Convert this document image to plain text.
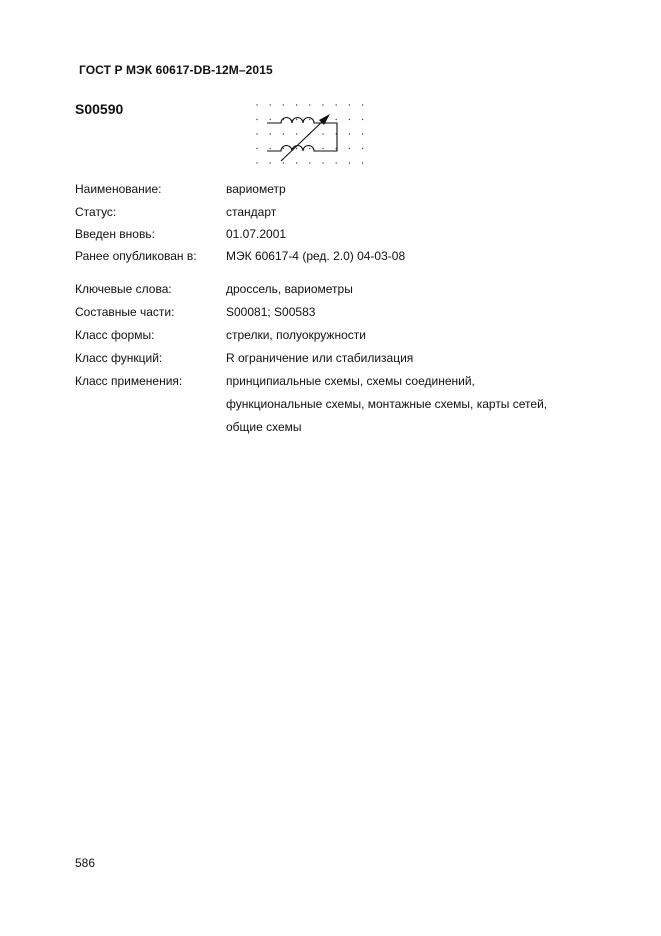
ГОСТ Р МЭК 60617-DB-12M–2015
S00590
Наименование:	вариометр
Статус:	стандарт
Введен вновь:	01.07.2001
Ранее опубликован в: МЭК 60617-4 (ред. 2.0) 04-03-08
Ключевые слова:	дроссель, вариометры
Составные части:	S00081; S00583
Класс формы:	стрелки, полуокружности
Класс функций:	R ограничение или стабилизация
Класс применения:	принципиальные схемы, схемы соединений, функциональные схемы, монтажные схемы, карты сетей, общие схемы
586
